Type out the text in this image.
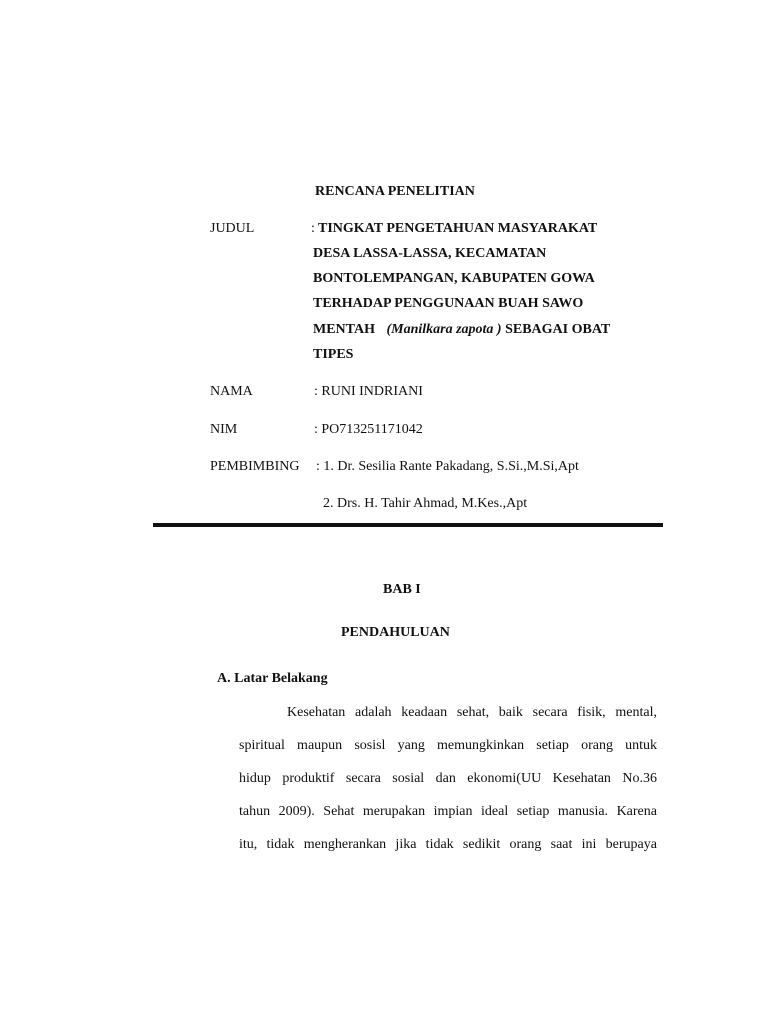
RENCANA PENELITIAN
JUDUL	: TINGKAT PENGETAHUAN MASYARAKAT
DESA LASSA-LASSA, KECAMATAN
BONTOLEMPANGAN, KABUPATEN GOWA
TERHADAP PENGGUNAAN BUAH SAWO
MENTAH (Manilkara zapota ) SEBAGAI OBAT
TIPES
NAMA	: RUNI INDRIANI
NIM	: PO713251171042
PEMBIMBING : 1. Dr. Sesilia Rante Pakadang, S.Si.,M.Si,Apt
2. Drs. H. Tahir Ahmad, M.Kes.,Apt
BAB I
PENDAHULUAN
A. Latar Belakang
Kesehatan adalah keadaan sehat, baik secara fisik, mental,
spiritual maupun sosisl yang memungkinkan setiap orang untuk
hidup produktif secara sosial dan ekonomi(UU Kesehatan No.36
tahun 2009). Sehat merupakan impian ideal setiap manusia. Karena
itu, tidak mengherankan jika tidak sedikit orang saat ini berupaya
